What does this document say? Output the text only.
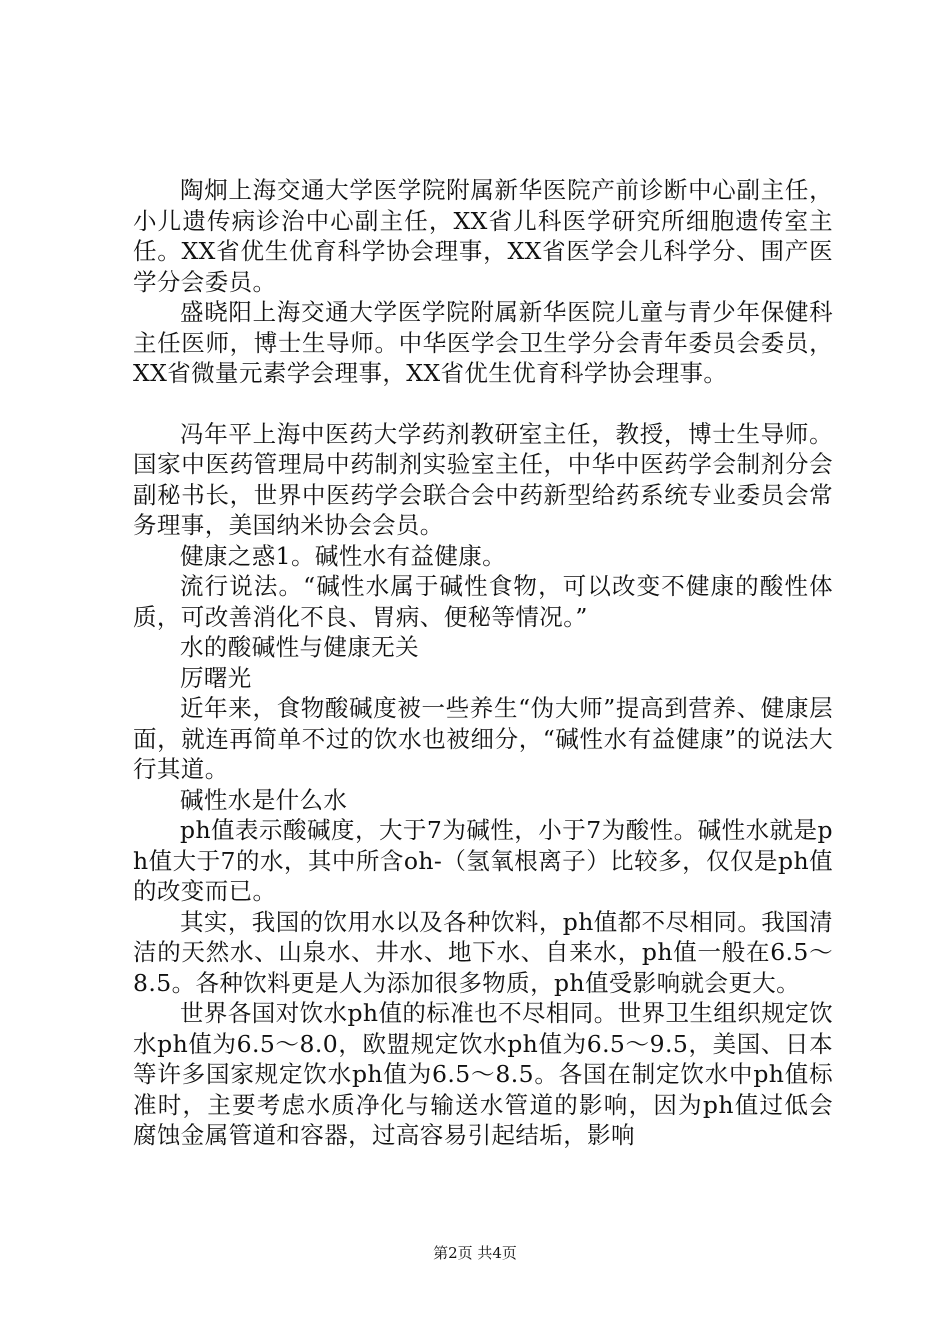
陶炯上海交通大学医学院附属新华医院产前诊断中心副主任，小儿遗传病诊治中心副主任，XX省儿科医学研究所细胞遗传室主任。XX省优生优育科学协会理事，XX省医学会儿科学分、围产医学分会委员。

盛晓阳上海交通大学医学院附属新华医院儿童与青少年保健科主任医师，博士生导师。中华医学会卫生学分会青年委员会委员，XX省微量元素学会理事，XX省优生优育科学协会理事。

冯年平上海中医药大学药剂教研室主任，教授，博士生导师。国家中医药管理局中药制剂实验室主任，中华中医药学会制剂分会副秘书长，世界中医药学会联合会中药新型给药系统专业委员会常务理事，美国纳米协会会员。

健康之惑1。碱性水有益健康。

流行说法。“碱性水属于碱性食物，可以改变不健康的酸性体质，可改善消化不良、胃病、便秘等情况。”

水的酸碱性与健康无关

厉曙光

近年来，食物酸碱度被一些养生“伪大师”提高到营养、健康层面，就连再简单不过的饮水也被细分，“碱性水有益健康”的说法大行其道。

碱性水是什么水

ph值表示酸碱度，大于7为碱性，小于7为酸性。碱性水就是ph值大于7的水，其中所含oh-（氢氧根离子）比较多，仅仅是ph值的改变而已。

其实，我国的饮用水以及各种饮料，ph值都不尽相同。我国清洁的天然水、山泉水、井水、地下水、自来水，ph值一般在6.5～8.5。各种饮料更是人为添加很多物质，ph值受影响就会更大。

世界各国对饮水ph值的标准也不尽相同。世界卫生组织规定饮水ph值为6.5～8.0，欧盟规定饮水ph值为6.5～9.5，美国、日本等许多国家规定饮水ph值为6.5～8.5。各国在制定饮水中ph值标准时，主要考虑水质净化与输送水管道的影响，因为ph值过低会腐蚀金属管道和容器，过高容易引起结垢，影响

第2页 共4页
